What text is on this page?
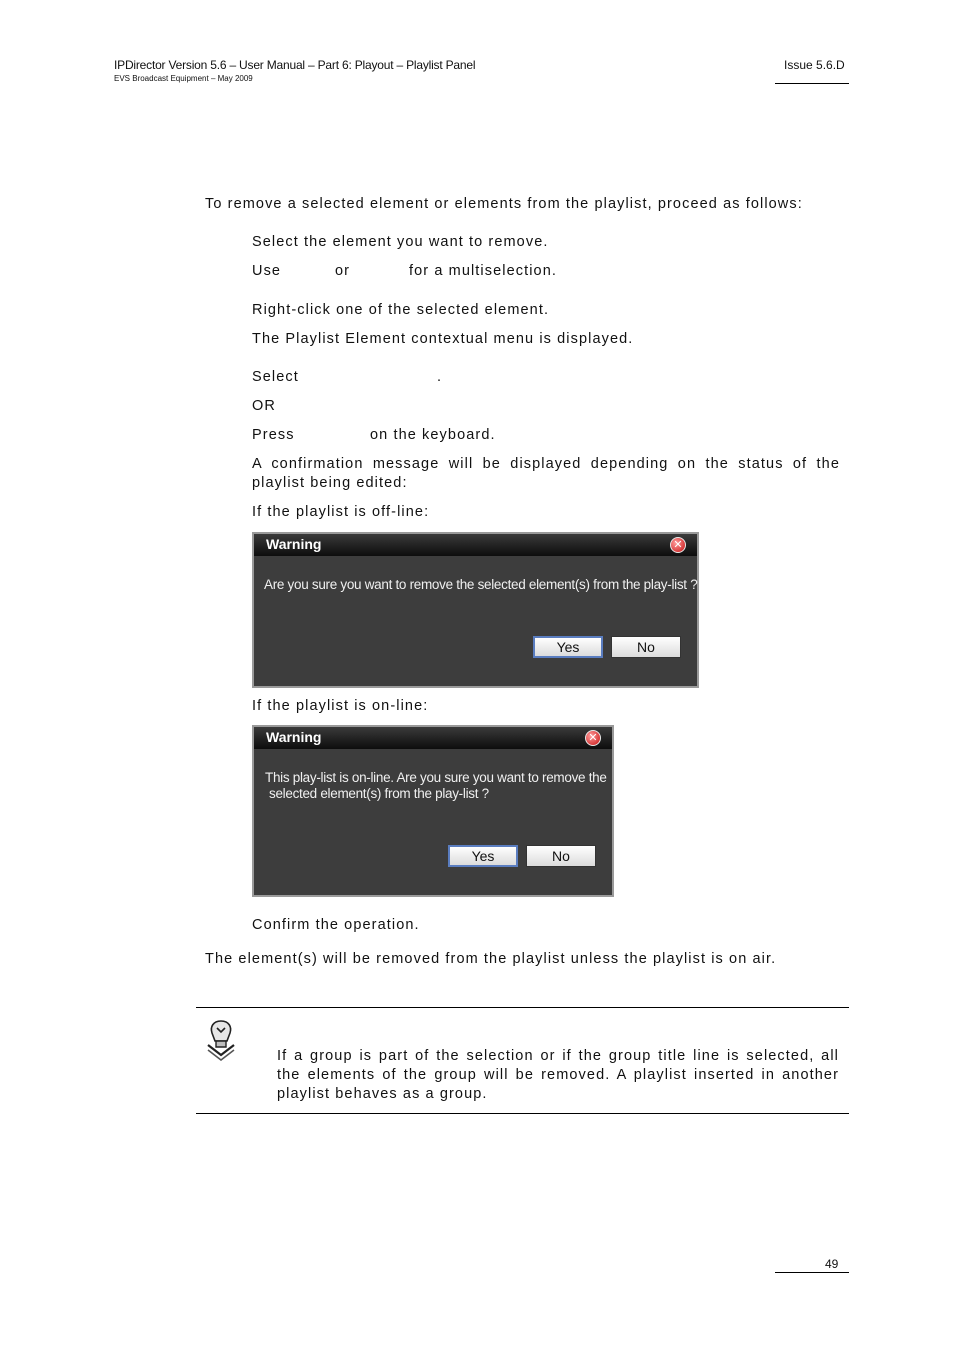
IPDirector Version 5.6 – User Manual – Part 6: Playout – Playlist Panel
EVS Broadcast Equipment – May 2009
Issue 5.6.D
To remove a selected element or elements from the playlist, proceed as follows:
Select the element you want to remove.
Use	or	for a multiselection.
Right-click one of the selected element.
The Playlist Element contextual menu is displayed.
Select	.
OR
Press	on the keyboard.
A confirmation message will be displayed depending on the status of the playlist being edited:
If the playlist is off-line:
Warning	✕
Are you sure you want to remove the selected element(s) from the play-list ?
Yes	No
If the playlist is on-line:
Warning	✕
This play-list is on-line. Are you sure you want to remove the
selected element(s) from the play-list ?
Yes	No
Confirm the operation.
The element(s) will be removed from the playlist unless the playlist is on air.
If a group is part of the selection or if the group title line is selected, all the elements of the group will be removed. A playlist inserted in another playlist behaves as a group.
49
